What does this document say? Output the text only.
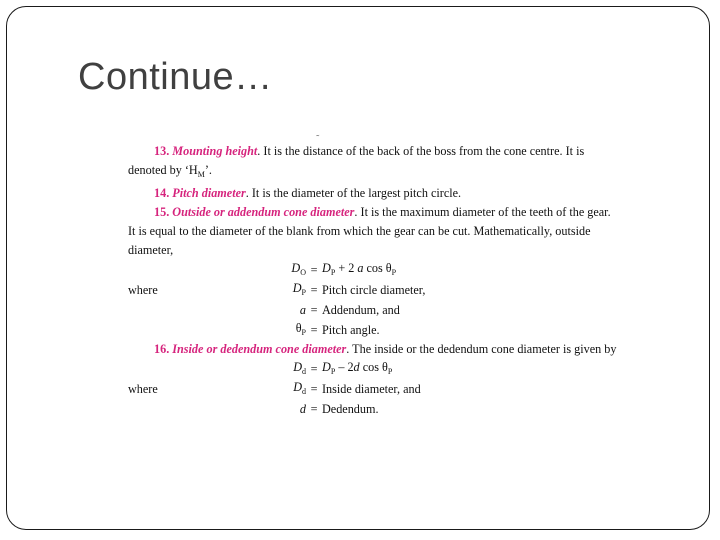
Continue…
˜
13. Mounting height. It is the distance of the back of the boss from the cone centre. It is
denoted by ‘$H_M$’.
14. Pitch diameter. It is the diameter of the largest pitch circle.
15. Outside or addendum cone diameter. It is the maximum diameter of the teeth of the gear.
It is equal to the diameter of the blank from which the gear can be cut. Mathematically, outside
diameter,
$D_O = D_P + 2$ a $\cos \theta_P$
where	$D_P$ = Pitch circle diameter,
a = Addendum, and
$\theta_P$ = Pitch angle.
16. Inside or dedendum cone diameter. The inside or the dedendum cone diameter is given by
$D_d = D_P - 2d$ $\cos \theta_P$
where	$D_d$ = Inside diameter, and
d = Dedendum.
